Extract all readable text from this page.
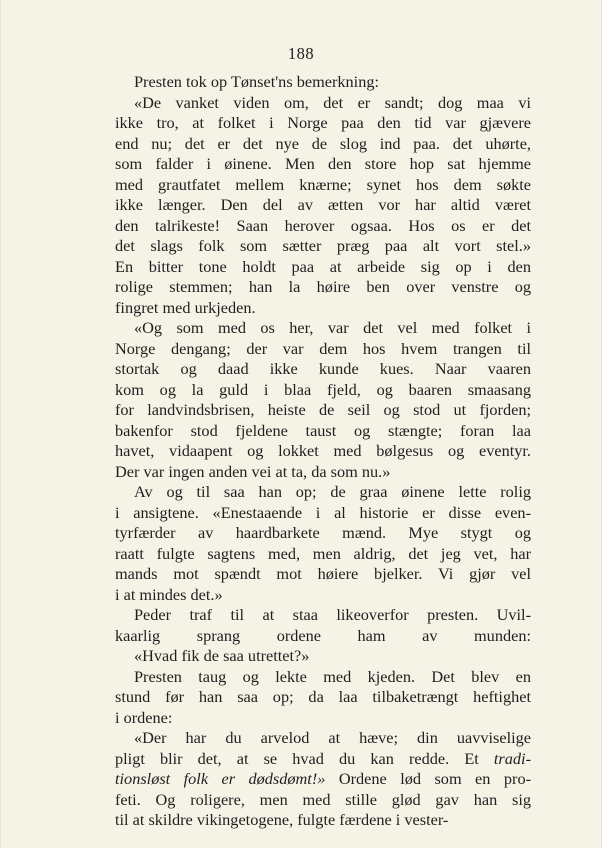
188
Presten tok op Tønset'ns bemerkning:
«De vanket viden om, det er sandt; dog maa vi
ikke tro, at folket i Norge paa den tid var gjævere
end nu; det er det nye de slog ind paa. det uhørte,
som falder i øinene. Men den store hop sat hjemme
med grautfatet mellem knærne; synet hos dem søkte
ikke længer. Den del av ætten vor har altid været
den talrikeste! Saan herover ogsaa. Hos os er det
det slags folk som sætter præg paa alt vort stel.»
En bitter tone holdt paa at arbeide sig op i den
rolige stemmen; han la høire ben over venstre og
fingret med urkjeden.
«Og som med os her, var det vel med folket i
Norge dengang; der var dem hos hvem trangen til
stortak og daad ikke kunde kues. Naar vaaren
kom og la guld i blaa fjeld, og baaren smaasang
for landvindsbrisen, heiste de seil og stod ut fjorden;
bakenfor stod fjeldene taust og stængte; foran laa
havet, vidaapent og lokket med bølgesus og eventyr.
Der var ingen anden vei at ta, da som nu.»
Av og til saa han op; de graa øinene lette rolig
i ansigtene. «Enestaaende i al historie er disse even-
tyrfærder av haardbarkete mænd. Mye stygt og
raatt fulgte sagtens med, men aldrig, det jeg vet, har
mands mot spændt mot høiere bjelker. Vi gjør vel
i at mindes det.»
Peder traf til at staa likeoverfor presten. Uvil-
kaarlig sprang ordene ham av munden:
«Hvad fik de saa utrettet?»
Presten taug og lekte med kjeden. Det blev en
stund før han saa op; da laa tilbaketrængt heftighet
i ordene:
«Der har du arvelod at hæve; din uavviselige
pligt blir det, at se hvad du kan redde. Et tradi-
tionsløst folk er dødsdømt!» Ordene lød som en pro-
feti. Og roligere, men med stille glød gav han sig
til at skildre vikingetogene, fulgte færdene i vester-
